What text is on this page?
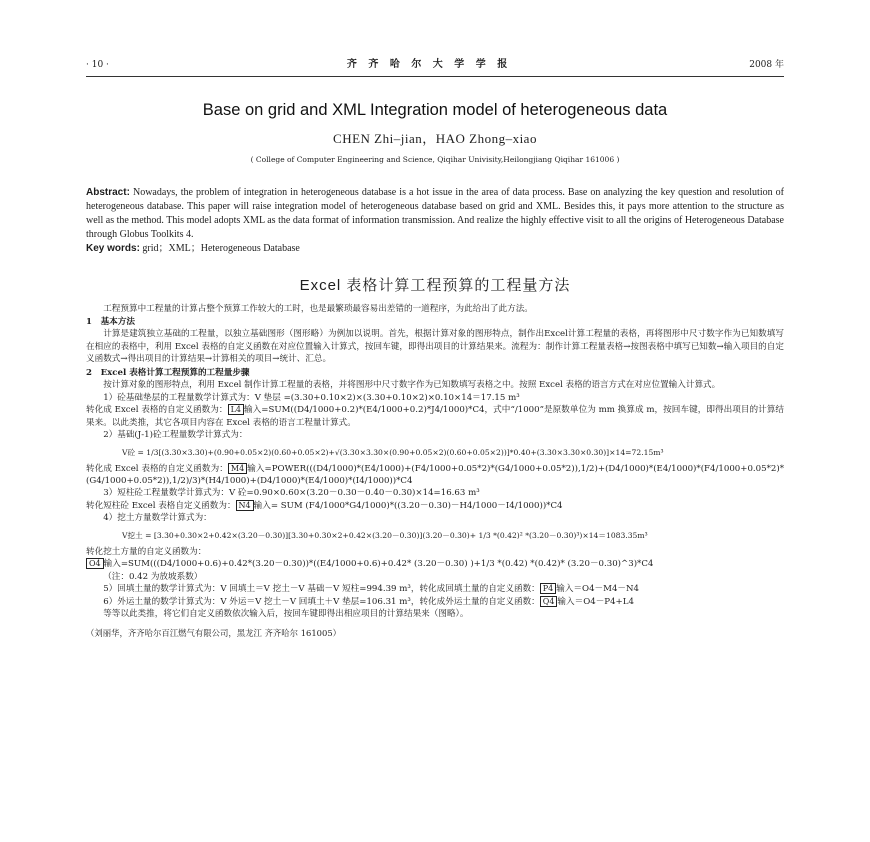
· 10 ·	齐 齐 哈 尔 大 学 学 报	2008 年
Base on grid and XML Integration model of heterogeneous data
CHEN Zhi–jian，HAO Zhong–xiao
( College of Computer Engineering and Science, Qiqihar Univisity,Heilongjiang Qiqihar 161006 )

Abstract: Nowadays, the problem of integration in heterogeneous database is a hot issue in the area of data process. Base on analyzing the key question and resolution of heterogeneous database. This paper will raise integration model of heterogeneous database based on grid and XML. Besides this, it pays more attention to the structure as well as the method. This model adopts XML as the data format of information transmission. And realize the highly effective visit to all the origins of Heterogeneous Database through Globus Toolkits 4.

Key words: grid；XML；Heterogeneous Database

Excel 表格计算工程预算的工程量方法

工程预算中工程量的计算占整个预算工作较大的工时，也是最繁琐最容易出差错的一道程序，为此给出了此方法。

1　基本方法

计算是建筑独立基础的工程量，以独立基础图形（图形略）为例加以说明。首先，根据计算对象的图形特点，制作出Excel计算工程量的表格，再将图形中尺寸数字作为已知数填写在相应的表格中，利用 Excel 表格的自定义函数在对应位置输入计算式，按回车键，即得出项目的计算结果来。流程为：制作计算工程量表格→按图表格中填写已知数→输入项目的自定义函数式→得出项目的计算结果→计算相关的项目→统计、汇总。

2　Excel 表格计算工程预算的工程量步骤

按计算对象的图形特点，利用 Excel 制作计算工程量的表格，并将图形中尺寸数字作为已知数填写表格之中。按照 Excel 表格的语言方式在对应位置输入计算式。

1）砼基础垫层的工程量数学计算式为：V 垫层 =(3.30+0.10×2)×(3.30+0.10×2)×0.10×14＝17.15 m³

转化成 Excel 表格的自定义函数为： L4 输入=SUM((D4/1000+0.2)*(E4/1000+0.2)*J4/1000)*C4，式中“/1000”是原数单位为 mm 换算成 m，按回车键，即得出项目的计算结果来。以此类推，其它各项目内容在 Excel 表格的语言工程量计算式。

2）基础(J-1)砼工程量数学计算式为：

V砼 = 1/3[(3.30×3.30)+(0.90+0.05×2)(0.60+0.05×2)+√(3.30×3.30×(0.90+0.05×2)(0.60+0.05×2))]*0.40+(3.30×3.30×0.30)]×14=72.15m³

转化成 Excel 表格的自定义函数为： M4 输入=POWER(((D4/1000)*(E4/1000)+(F4/1000+0.05*2)*(G4/1000+0.05*2)),1/2)+(D4/1000)*(E4/1000)*(F4/1000+0.05*2)*(G4/1000+0.05*2)),1/2)/3)*(H4/1000)+(D4/1000)*(E4/1000)*(I4/1000))*C4

3）短柱砼工程量数学计算式为：V 砼=0.90×0.60×(3.20－0.30－0.40－0.30)×14=16.63 m³

转化短柱砼 Excel 表格自定义函数为： N4 输入= SUM (F4/1000*G4/1000)*((3.20－0.30)－H4/1000－I4/1000))*C4

4）挖土方量数学计算式为：

V挖土 = [3.30+0.30×2+0.42×(3.20－0.30)][3.30+0.30×2+0.42×(3.20－0.30)](3.20－0.30)+ 1/3 *(0.42)² *(3.20－0.30)³)×14＝1083.35m³

转化挖土方量的自定义函数为：

O4 输入=SUM(((D4/1000+0.6)+0.42*(3.20－0.30))*((E4/1000+0.6)+0.42* (3.20－0.30) )+1/3 *(0.42) *(0.42)* (3.20－0.30)^3)*C4

（注：0.42 为放坡系数）

5）回填土量的数学计算式为：V 回填土＝V 挖土－V 基础－V 短柱=994.39 m³，转化成回填土量的自定义函数： P4 输入＝O4－M4－N4

6）外运土量的数学计算式为：V 外运＝V 挖土－V 回填土＋V 垫层=106.31 m³，转化成外运土量的自定义函数： Q4 输入＝O4－P4+L4

等等以此类推，将它们自定义函数依次输入后，按回车键即得出相应项目的计算结果来（图略）。

（刘丽华，齐齐哈尔百江燃气有限公司，黑龙江 齐齐哈尔 161005）
